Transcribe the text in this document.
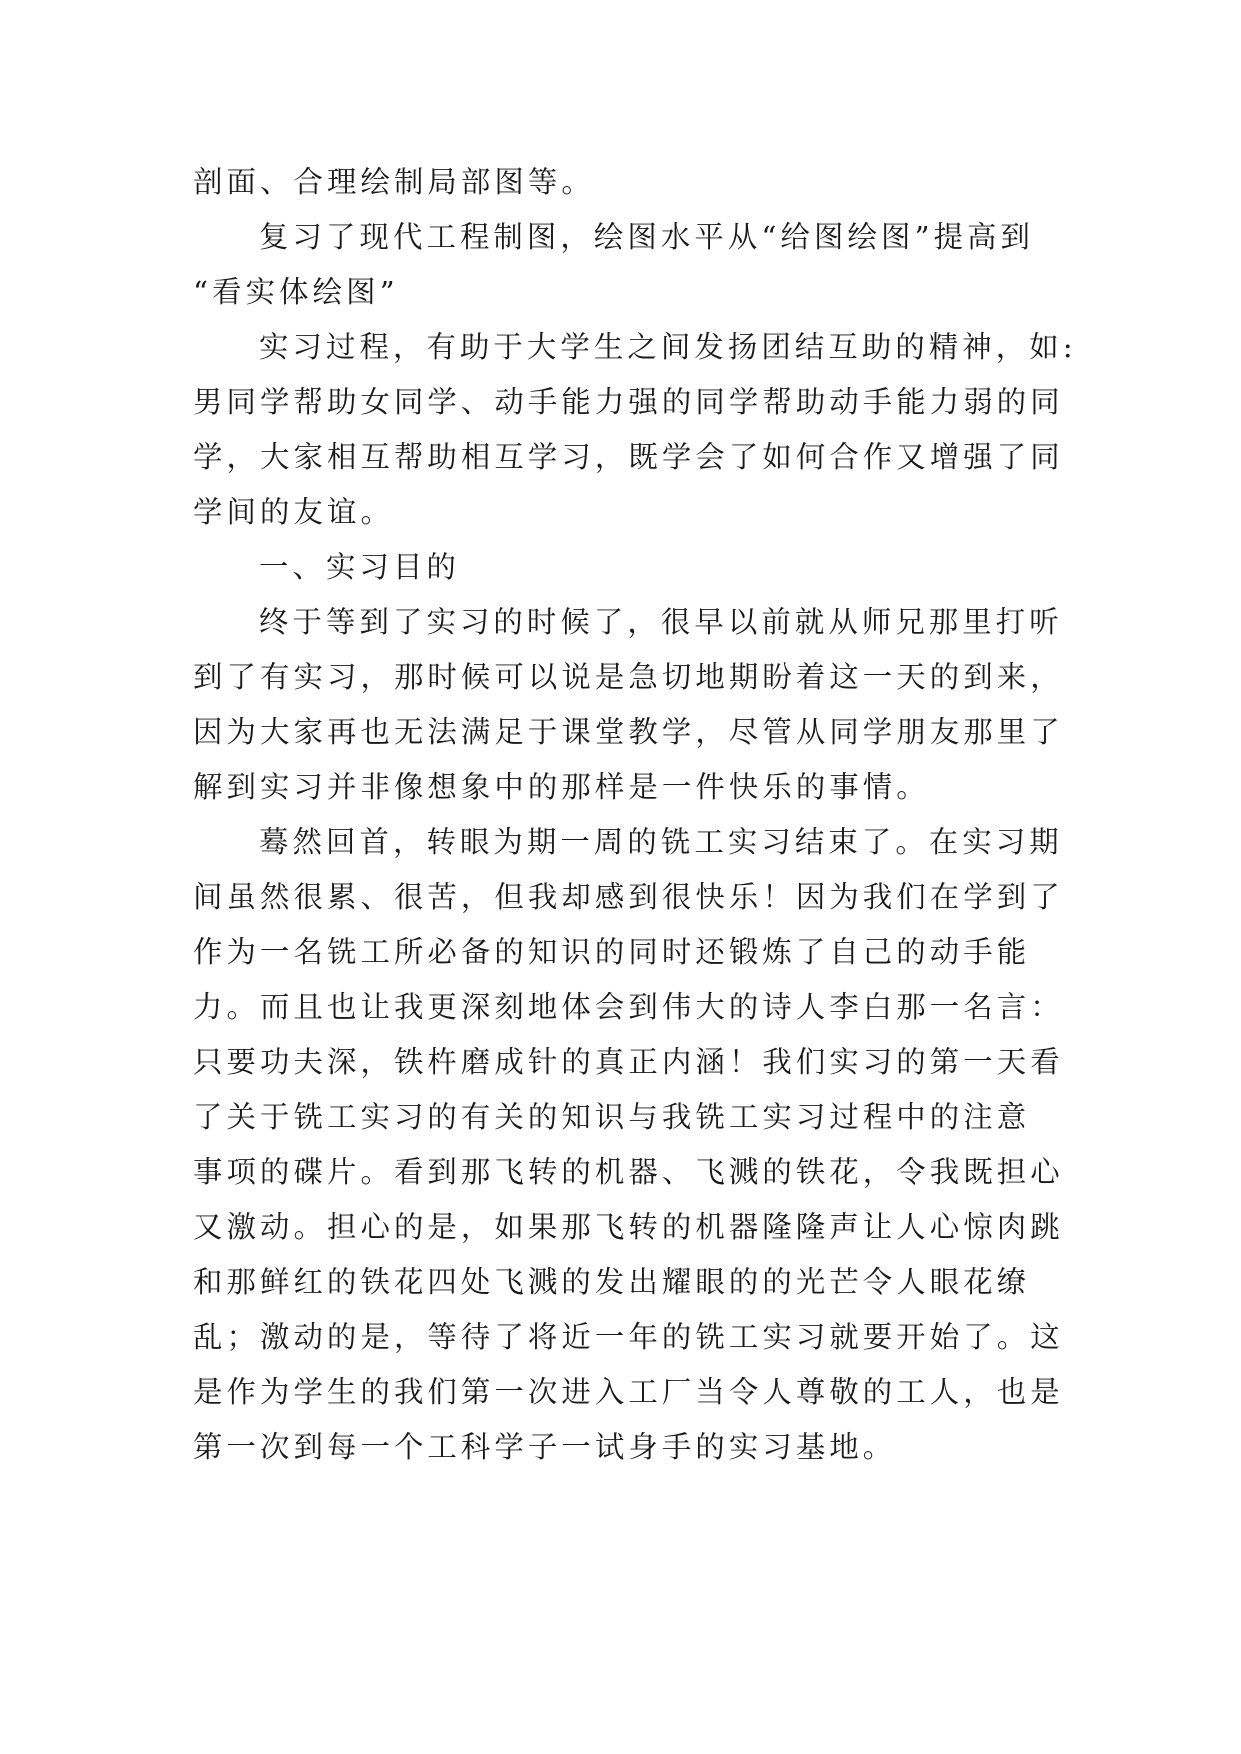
剖面、合理绘制局部图等。
复习了现代工程制图，绘图水平从“给图绘图”提高到
“看实体绘图”
实习过程，有助于大学生之间发扬团结互助的精神，如:
男同学帮助女同学、动手能力强的同学帮助动手能力弱的同
学，大家相互帮助相互学习，既学会了如何合作又增强了同
学间的友谊。
一、实习目的
终于等到了实习的时候了，很早以前就从师兄那里打听
到了有实习，那时候可以说是急切地期盼着这一天的到来，
因为大家再也无法满足于课堂教学，尽管从同学朋友那里了
解到实习并非像想象中的那样是一件快乐的事情。
蓦然回首，转眼为期一周的铣工实习结束了。在实习期
间虽然很累、很苦，但我却感到很快乐！因为我们在学到了
作为一名铣工所必备的知识的同时还锻炼了自己的动手能
力。而且也让我更深刻地体会到伟大的诗人李白那一名言：
只要功夫深，铁杵磨成针的真正内涵！我们实习的第一天看
了关于铣工实习的有关的知识与我铣工实习过程中的注意
事项的碟片。看到那飞转的机器、飞溅的铁花，令我既担心
又激动。担心的是，如果那飞转的机器隆隆声让人心惊肉跳
和那鲜红的铁花四处飞溅的发出耀眼的的光芒令人眼花缭
乱；激动的是，等待了将近一年的铣工实习就要开始了。这
是作为学生的我们第一次进入工厂当令人尊敬的工人，也是
第一次到每一个工科学子一试身手的实习基地。
